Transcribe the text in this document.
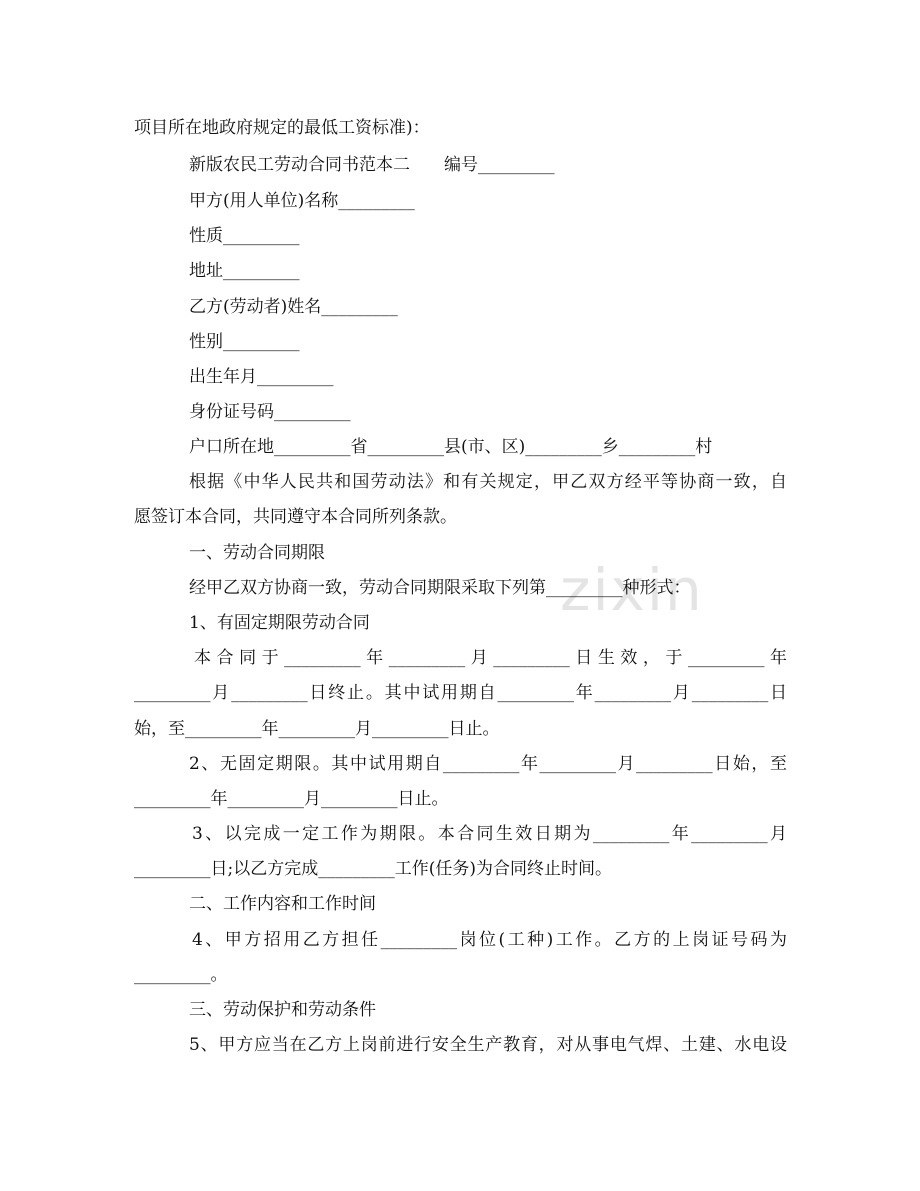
zixin
项目所在地政府规定的最低工资标准)：
新版农民工劳动合同书范本二　　编号_________
甲方(用人单位)名称_________
性质_________
地址_________
乙方(劳动者)姓名_________
性别_________
出生年月_________
身份证号码_________
户口所在地_________省_________县(市、区)_________乡_________村
根据《中华人民共和国劳动法》和有关规定，甲乙双方经平等协商一致，自
愿签订本合同，共同遵守本合同所列条款。
一、劳动合同期限
经甲乙双方协商一致，劳动合同期限采取下列第_________种形式：
1、有固定期限劳动合同
本合同于_________年_________月_________日生效，于_________年
_________月_________日终止。其中试用期自_________年_________月_________日
始，至_________年_________月_________日止。
2、无固定期限。其中试用期自_________年_________月_________日始，至
_________年_________月_________日止。
3、以完成一定工作为期限。本合同生效日期为_________年_________月
_________日;以乙方完成_________工作(任务)为合同终止时间。
二、工作内容和工作时间
4、甲方招用乙方担任_________岗位(工种)工作。乙方的上岗证号码为
_________。
三、劳动保护和劳动条件
5、甲方应当在乙方上岗前进行安全生产教育，对从事电气焊、土建、水电设
